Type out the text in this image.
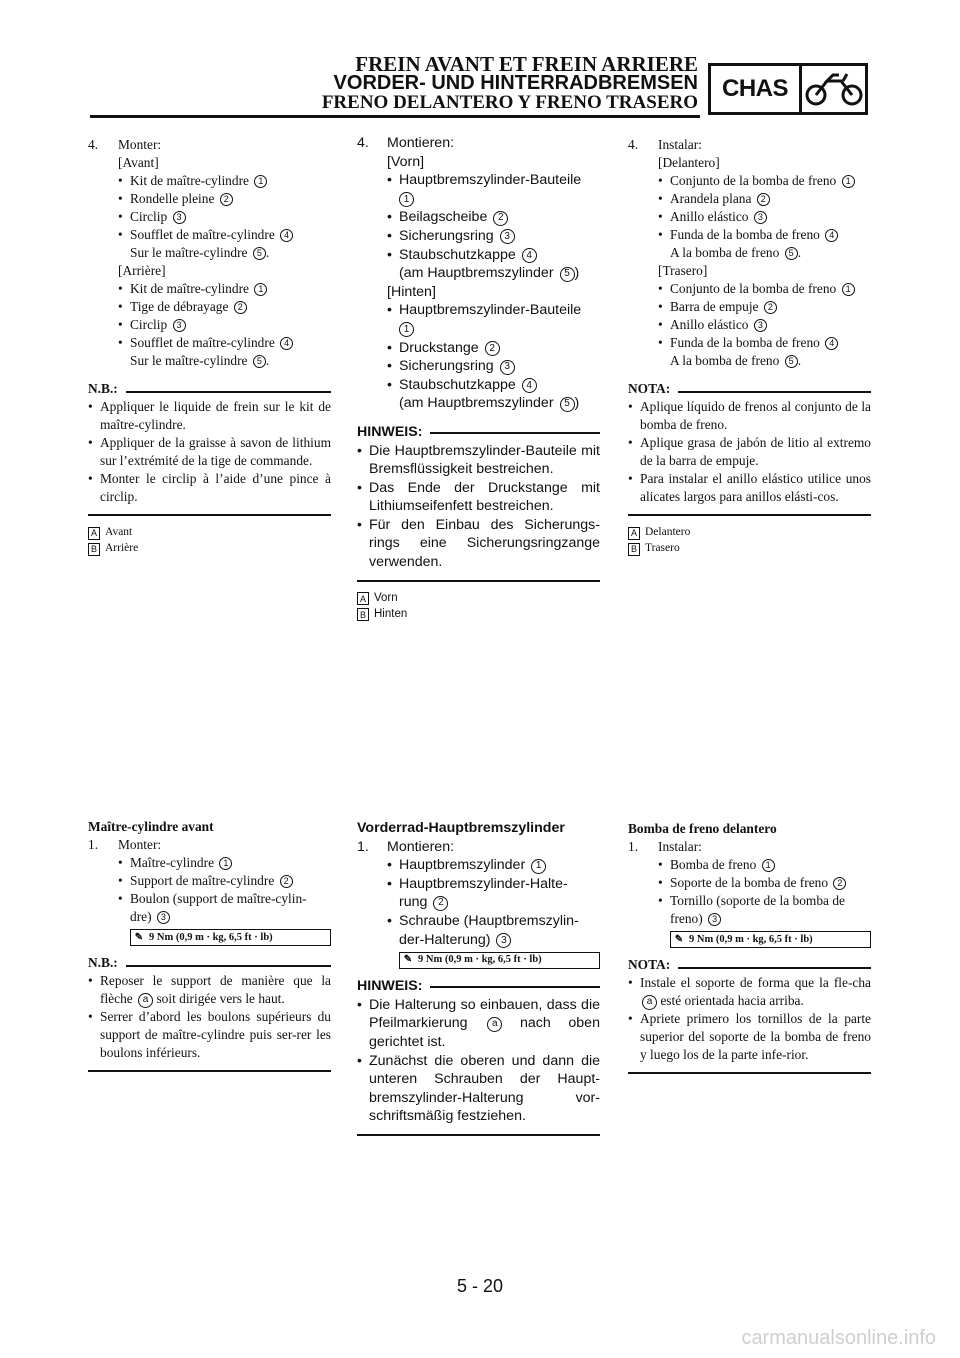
FREIN AVANT ET FREIN ARRIERE
VORDER- UND HINTERRADBREMSEN
FRENO DELANTERO Y FRENO TRASERO
CHAS
4. Monter:
[Avant]
• Kit de maître-cylindre 1
• Rondelle pleine 2
• Circlip 3
• Soufflet de maître-cylindre 4
Sur le maître-cylindre 5 .
[Arrière]
• Kit de maître-cylindre 1
• Tige de débrayage 2
• Circlip 3
• Soufflet de maître-cylindre 4
Sur le maître-cylindre 5 .
N.B.:
• Appliquer le liquide de frein sur le kit de maître-cylindre.
• Appliquer de la graisse à savon de lithium sur l’extrémité de la tige de commande.
• Monter le circlip à l’aide d’une pince à circlip.
A Avant
B Arrière
4. Montieren:
[Vorn]
• Hauptbremszylinder-Bauteile
1
• Beilagscheibe 2
• Sicherungsring 3
• Staubschutzkappe 4
(am Hauptbremszylinder 5 )
[Hinten]
• Hauptbremszylinder-Bauteile
1
• Druckstange 2
• Sicherungsring 3
• Staubschutzkappe 4
(am Hauptbremszylinder 5 )
HINWEIS:
• Die Hauptbremszylinder-Bauteile mit Bremsflüssigkeit bestreichen.
• Das Ende der Druckstange mit Lithiumseifenfett bestreichen.
• Für den Einbau des Sicherungs-rings eine Sicherungsringzange verwenden.
A Vorn
B Hinten
4. Instalar:
[Delantero]
• Conjunto de la bomba de freno 1
• Arandela plana 2
• Anillo elástico 3
• Funda de la bomba de freno 4
A la bomba de freno 5 .
[Trasero]
• Conjunto de la bomba de freno 1
• Barra de empuje 2
• Anillo elástico 3
• Funda de la bomba de freno 4
A la bomba de freno 5 .
NOTA:
• Aplique líquido de frenos al conjunto de la bomba de freno.
• Aplique grasa de jabón de litio al extremo de la barra de empuje.
• Para instalar el anillo elástico utilice unos alicates largos para anillos elásti-cos.
A Delantero
B Trasero
Maître-cylindre avant
1. Monter:
• Maître-cylindre 1
• Support de maître-cylindre 2
• Boulon (support de maître-cylin-
dre) 3
✎ 9 Nm (0,9 m · kg, 6,5 ft · lb)
N.B.:
• Reposer le support de manière que la flèche a soit dirigée vers le haut.
• Serrer d’abord les boulons supérieurs du support de maître-cylindre puis ser-rer les boulons inférieurs.
Vorderrad-Hauptbremszylinder
1. Montieren:
• Hauptbremszylinder 1
• Hauptbremszylinder-Halte-
rung 2
• Schraube (Hauptbremszylin-
der-Halterung) 3
✎ 9 Nm (0,9 m · kg, 6,5 ft · lb)
HINWEIS:
• Die Halterung so einbauen, dass die Pfeilmarkierung a nach oben gerichtet ist.
• Zunächst die oberen und dann die unteren Schrauben der Haupt-bremszylinder-Halterung vor-schriftsmäßig festziehen.
Bomba de freno delantero
1. Instalar:
• Bomba de freno 1
• Soporte de la bomba de freno 2
• Tornillo (soporte de la bomba de
freno) 3
✎ 9 Nm (0,9 m · kg, 6,5 ft · lb)
NOTA:
• Instale el soporte de forma que la fle-cha a esté orientada hacia arriba.
• Apriete primero los tornillos de la parte superior del soporte de la bomba de freno y luego los de la parte infe-rior.
5 - 20
carmanualsonline.info
